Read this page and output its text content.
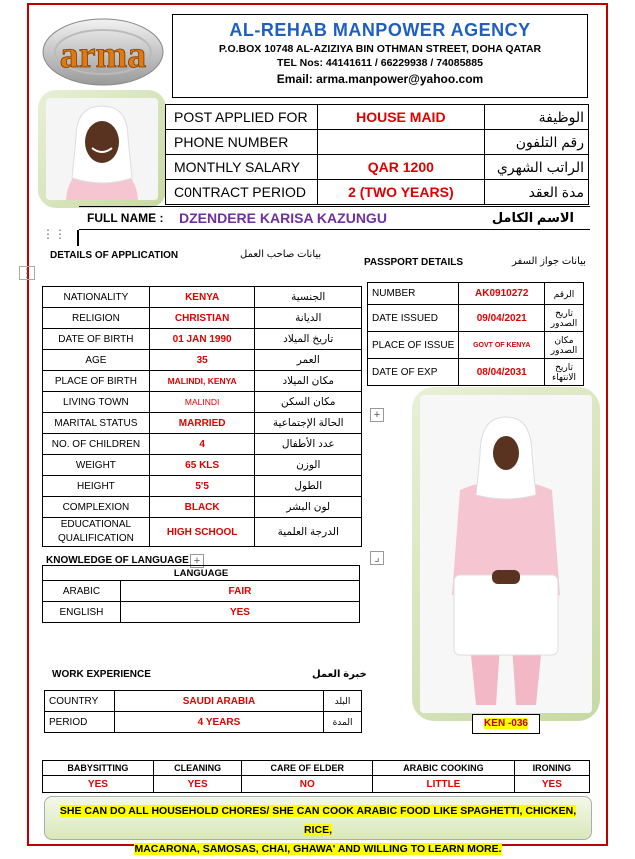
arma
AL-REHAB MANPOWER AGENCY
P.O.BOX 10748 AL-AZIZIYA BIN OTHMAN STREET, DOHA QATAR
TEL Nos: 44141611 / 66229938 / 74085885
Email: arma.manpower@yahoo.com
POST APPLIED FOR	HOUSE MAID	الوظيفة
PHONE NUMBER		رقم التلفون
MONTHLY SALARY	QAR 1200	الراتب الشهري
C0NTRACT PERIOD	2 (TWO YEARS)	مدة العقد
FULL NAME :	DZENDERE KARISA KAZUNGU	الاسم الكامل
⋮⋮
⋮
DETAILS OF APPLICATION	بيانات صاحب العمل
NATIONALITY	KENYA	الجنسية
RELIGION	CHRISTIAN	الديانة
DATE OF BIRTH	01 JAN 1990	تاريخ الميلاد
AGE	35	العمر
PLACE OF BIRTH	MALINDI, KENYA	مكان الميلاد
LIVING TOWN	MALINDI	مكان السكن
MARITAL STATUS	MARRIED	الحالة الإجتماعية
NO. OF CHILDREN	4	عدد الأطفال
WEIGHT	65 KLS	الوزن
HEIGHT	5'5	الطول
COMPLEXION	BLACK	لون البشر
EDUCATIONAL QUALIFICATION	HIGH SCHOOL	الدرجة العلمية
PASSPORT DETAILS	بيانات جواز السفر
NUMBER	AK0910272	الرقم
DATE ISSUED	09/04/2021	تاريخ الصدور
PLACE OF ISSUE	GOVT OF KENYA	مكان الصدور
DATE OF EXP	08/04/2031	تاريخ الانتهاء
+
⌟
KEN -036
KNOWLEDGE OF LANGUAGE +
LANGUAGE	
ARABIC	FAIR
ENGLISH	YES
WORK EXPERIENCE	خبرة العمل
COUNTRY	SAUDI ARABIA	البلد
PERIOD	4 YEARS	المدة
BABYSITTING	CLEANING	CARE OF ELDER	ARABIC COOKING	IRONING
YES	YES	NO	LITTLE	YES
SHE CAN DO ALL HOUSEHOLD CHORES/ SHE CAN COOK ARABIC FOOD LIKE SPAGHETTI, CHICKEN, RICE,
MACARONA, SAMOSAS, CHAI, GHAWA' AND WILLING TO LEARN MORE.
